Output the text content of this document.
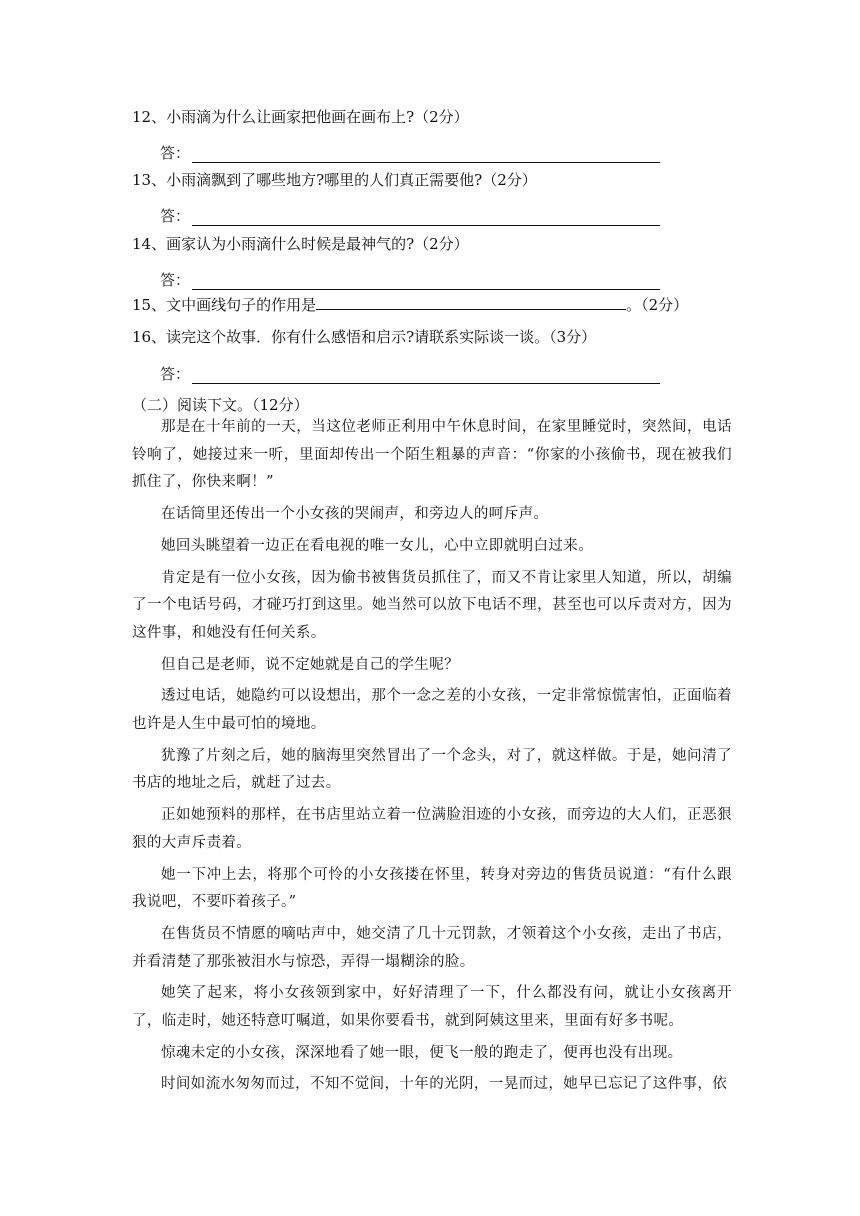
12、小雨滴为什么让画家把他画在画布上?（2分）
答：
13、小雨滴飘到了哪些地方?哪里的人们真正需要他?（2分）
答：
14、画家认为小雨滴什么时候是最神气的?（2分）
答：
15、文中画线句子的作用是	。（2分）
16、读完这个故事．你有什么感悟和启示?请联系实际谈一谈。（3分）
答：
（二）阅读下文。（12分）

那是在十年前的一天，当这位老师正利用中午休息时间，在家里睡觉时，突然间，电话铃响了，她接过来一听，里面却传出一个陌生粗暴的声音：“你家的小孩偷书，现在被我们抓住了，你快来啊！”

在话筒里还传出一个小女孩的哭闹声，和旁边人的呵斥声。

她回头眺望着一边正在看电视的唯一女儿，心中立即就明白过来。

肯定是有一位小女孩，因为偷书被售货员抓住了，而又不肯让家里人知道，所以，胡编了一个电话号码，才碰巧打到这里。她当然可以放下电话不理，甚至也可以斥责对方，因为这件事，和她没有任何关系。

但自己是老师，说不定她就是自己的学生呢？

透过电话，她隐约可以设想出，那个一念之差的小女孩，一定非常惊慌害怕，正面临着也许是人生中最可怕的境地。

犹豫了片刻之后，她的脑海里突然冒出了一个念头，对了，就这样做。于是，她问清了书店的地址之后，就赶了过去。

正如她预料的那样，在书店里站立着一位满脸泪迹的小女孩，而旁边的大人们，正恶狠狠的大声斥责着。

她一下冲上去，将那个可怜的小女孩搂在怀里，转身对旁边的售货员说道：“有什么跟我说吧，不要吓着孩子。”

在售货员不情愿的嘀咕声中，她交清了几十元罚款，才领着这个小女孩，走出了书店，并看清楚了那张被泪水与惊恐，弄得一塌糊涂的脸。

她笑了起来，将小女孩领到家中，好好清理了一下，什么都没有问，就让小女孩离开了，临走时，她还特意叮嘱道，如果你要看书，就到阿姨这里来，里面有好多书呢。

惊魂未定的小女孩，深深地看了她一眼，便飞一般的跑走了，便再也没有出现。

时间如流水匆匆而过，不知不觉间，十年的光阴，一晃而过，她早已忘记了这件事，依
